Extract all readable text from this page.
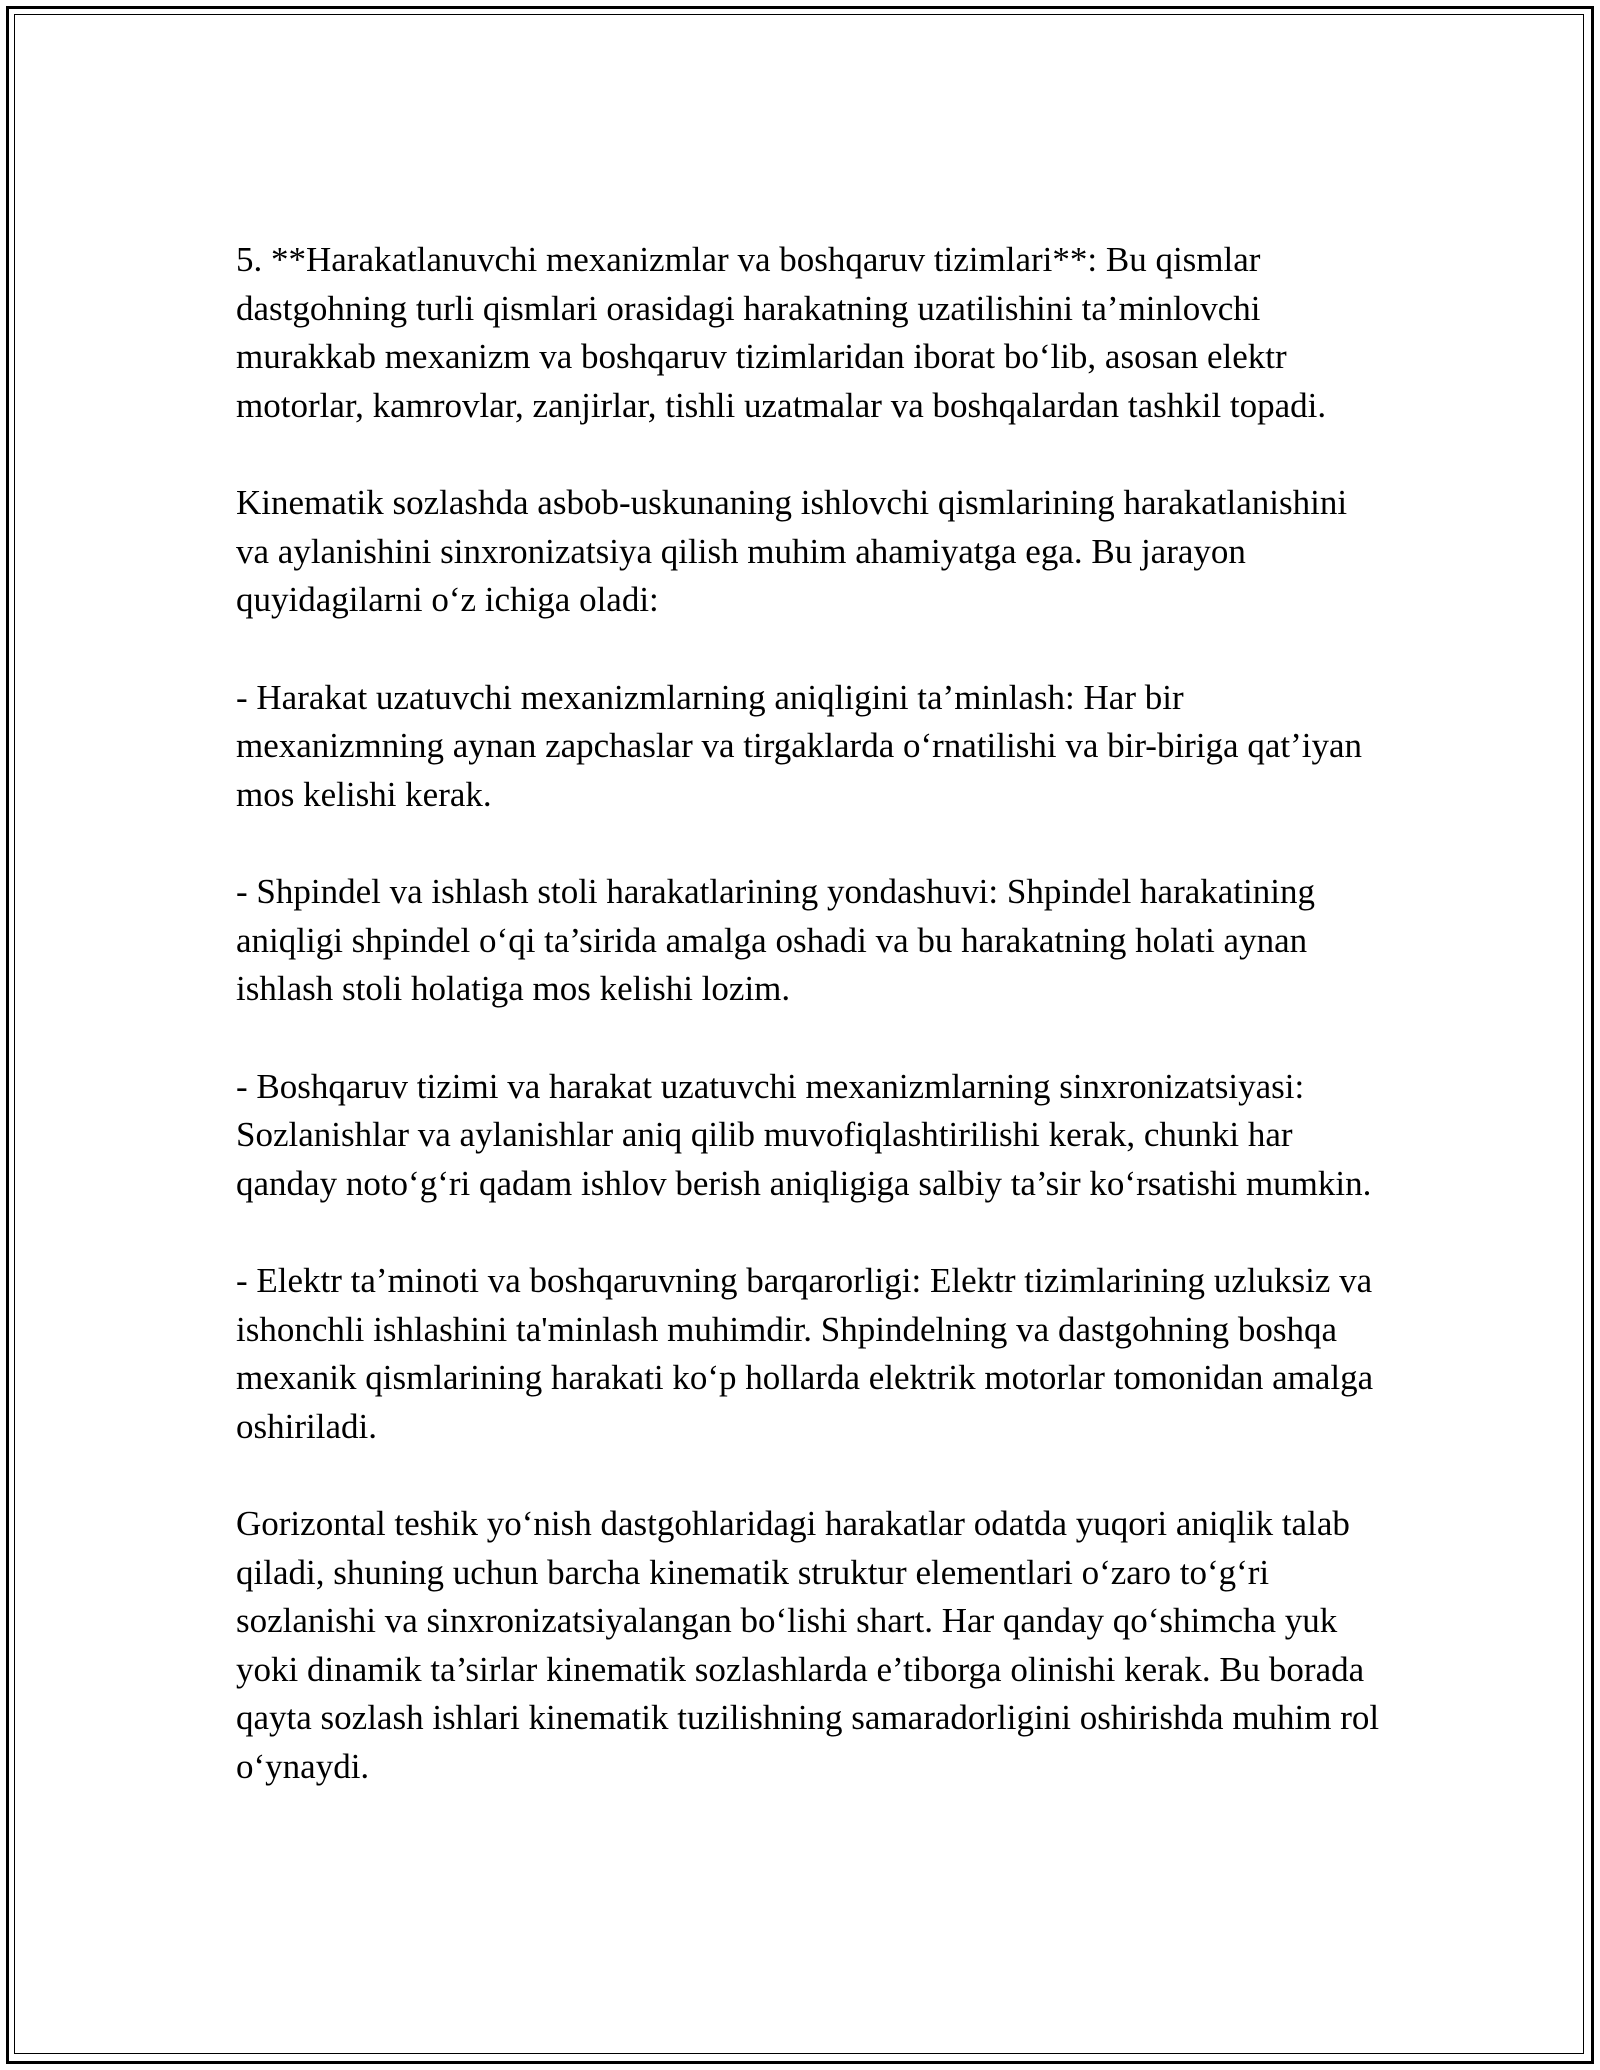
5. **Harakatlanuvchi mexanizmlar va boshqaruv tizimlari**: Bu qismlar dastgohning turli qismlari orasidagi harakatning uzatilishini ta’minlovchi murakkab mexanizm va boshqaruv tizimlaridan iborat bo‘lib, asosan elektr motorlar, kamrovlar, zanjirlar, tishli uzatmalar va boshqalardan tashkil topadi.

Kinematik sozlashda asbob-uskunaning ishlovchi qismlarining harakatlanishini va aylanishini sinxronizatsiya qilish muhim ahamiyatga ega. Bu jarayon quyidagilarni o‘z ichiga oladi:

- Harakat uzatuvchi mexanizmlarning aniqligini ta’minlash: Har bir mexanizmning aynan zapchaslar va tirgaklarda o‘rnatilishi va bir-biriga qat’iyan mos kelishi kerak.

- Shpindel va ishlash stoli harakatlarining yondashuvi: Shpindel harakatining aniqligi shpindel o‘qi ta’sirida amalga oshadi va bu harakatning holati aynan ishlash stoli holatiga mos kelishi lozim.

- Boshqaruv tizimi va harakat uzatuvchi mexanizmlarning sinxronizatsiyasi: Sozlanishlar va aylanishlar aniq qilib muvofiqlashtirilishi kerak, chunki har qanday noto‘g‘ri qadam ishlov berish aniqligiga salbiy ta’sir ko‘rsatishi mumkin.

- Elektr ta’minoti va boshqaruvning barqarorligi: Elektr tizimlarining uzluksiz va ishonchli ishlashini ta'minlash muhimdir. Shpindelning va dastgohning boshqa mexanik qismlarining harakati ko‘p hollarda elektrik motorlar tomonidan amalga oshiriladi.

Gorizontal teshik yo‘nish dastgohlaridagi harakatlar odatda yuqori aniqlik talab qiladi, shuning uchun barcha kinematik struktur elementlari o‘zaro to‘g‘ri sozlanishi va sinxronizatsiyalangan bo‘lishi shart. Har qanday qo‘shimcha yuk yoki dinamik ta’sirlar kinematik sozlashlarda e’tiborga olinishi kerak. Bu borada qayta sozlash ishlari kinematik tuzilishning samaradorligini oshirishda muhim rol o‘ynaydi.
